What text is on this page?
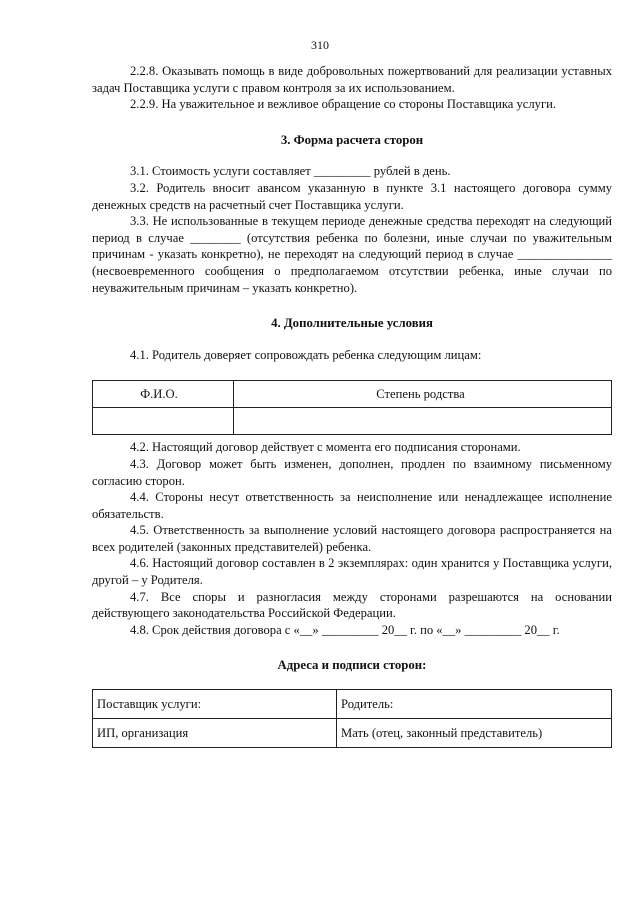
310

2.2.8. Оказывать помощь в виде добровольных пожертвований для реализации уставных задач Поставщика услуги с правом контроля за их использованием.

2.2.9. На уважительное и вежливое обращение со стороны Поставщика услуги.

3. Форма расчета сторон

3.1. Стоимость услуги составляет _________ рублей в день.

3.2. Родитель вносит авансом указанную в пункте 3.1 настоящего договора сумму денежных средств на расчетный счет Поставщика услуги.

3.3. Не использованные в текущем периоде денежные средства переходят на следующий период в случае ________ (отсутствия ребенка по болезни, иные случаи по уважительным причинам - указать конкретно), не переходят на следующий период в случае _______________ (несвоевременного сообщения о предполагаемом отсутствии ребенка, иные случаи по неуважительным причинам – указать конкретно).

4. Дополнительные условия

4.1. Родитель доверяет сопровождать ребенка следующим лицам:

Ф.И.О.	Степень родства

4.2. Настоящий договор действует с момента его подписания сторонами.

4.3. Договор может быть изменен, дополнен, продлен по взаимному письменному согласию сторон.

4.4. Стороны несут ответственность за неисполнение или ненадлежащее исполнение обязательств.

4.5. Ответственность за выполнение условий настоящего договора распространяется на всех родителей (законных представителей) ребенка.

4.6. Настоящий договор составлен в 2 экземплярах: один хранится у Поставщика услуги, другой – у Родителя.

4.7. Все споры и разногласия между сторонами разрешаются на основании действующего законодательства Российской Федерации.

4.8. Срок действия договора с «__» _________ 20__ г. по «__» _________ 20__ г.

Адреса и подписи сторон:

Поставщик услуги:	Родитель:
ИП, организация	Мать (отец, законный представитель)
